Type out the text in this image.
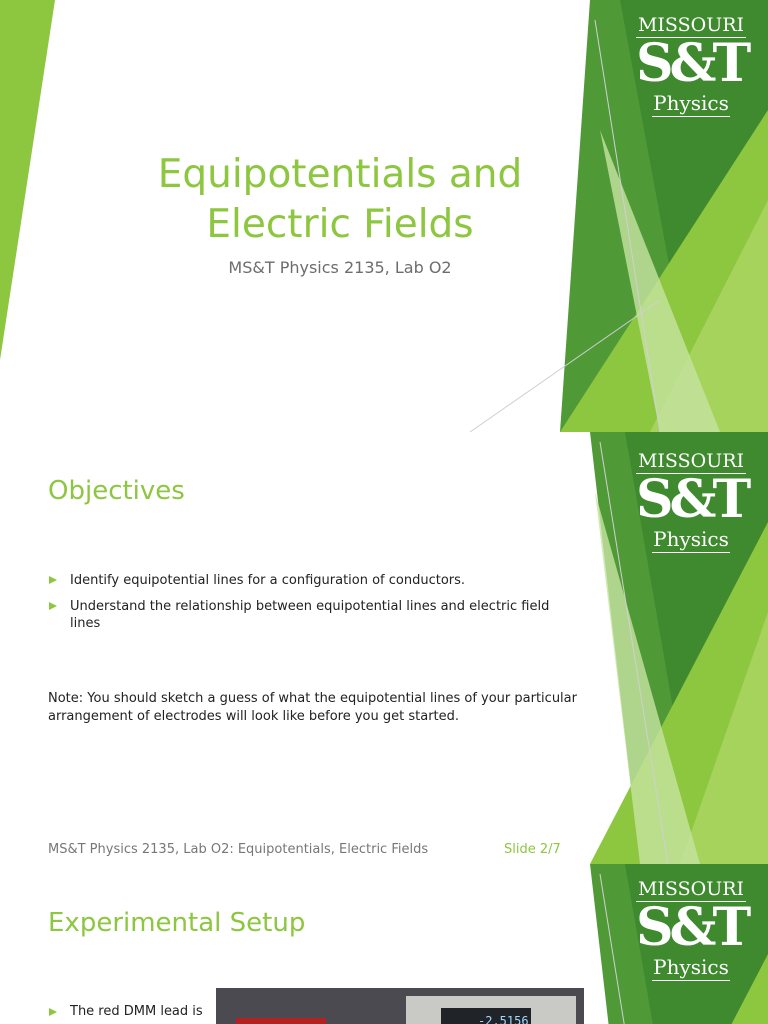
MISSOURI
S&T
Physics
Equipotentials and Electric Fields
MS&T Physics 2135, Lab O2
MISSOURI
S&T
Physics
Objectives
Identify equipotential lines for a configuration of conductors.
Understand the relationship between equipotential lines and electric field lines
Note: You should sketch a guess of what the equipotential lines of your particular arrangement of electrodes will look like before you get started.
MS&T Physics 2135, Lab O2: Equipotentials, Electric Fields	Slide 2/7
MISSOURI
S&T
Physics
Experimental Setup
The red DMM lead is
-2.5156
